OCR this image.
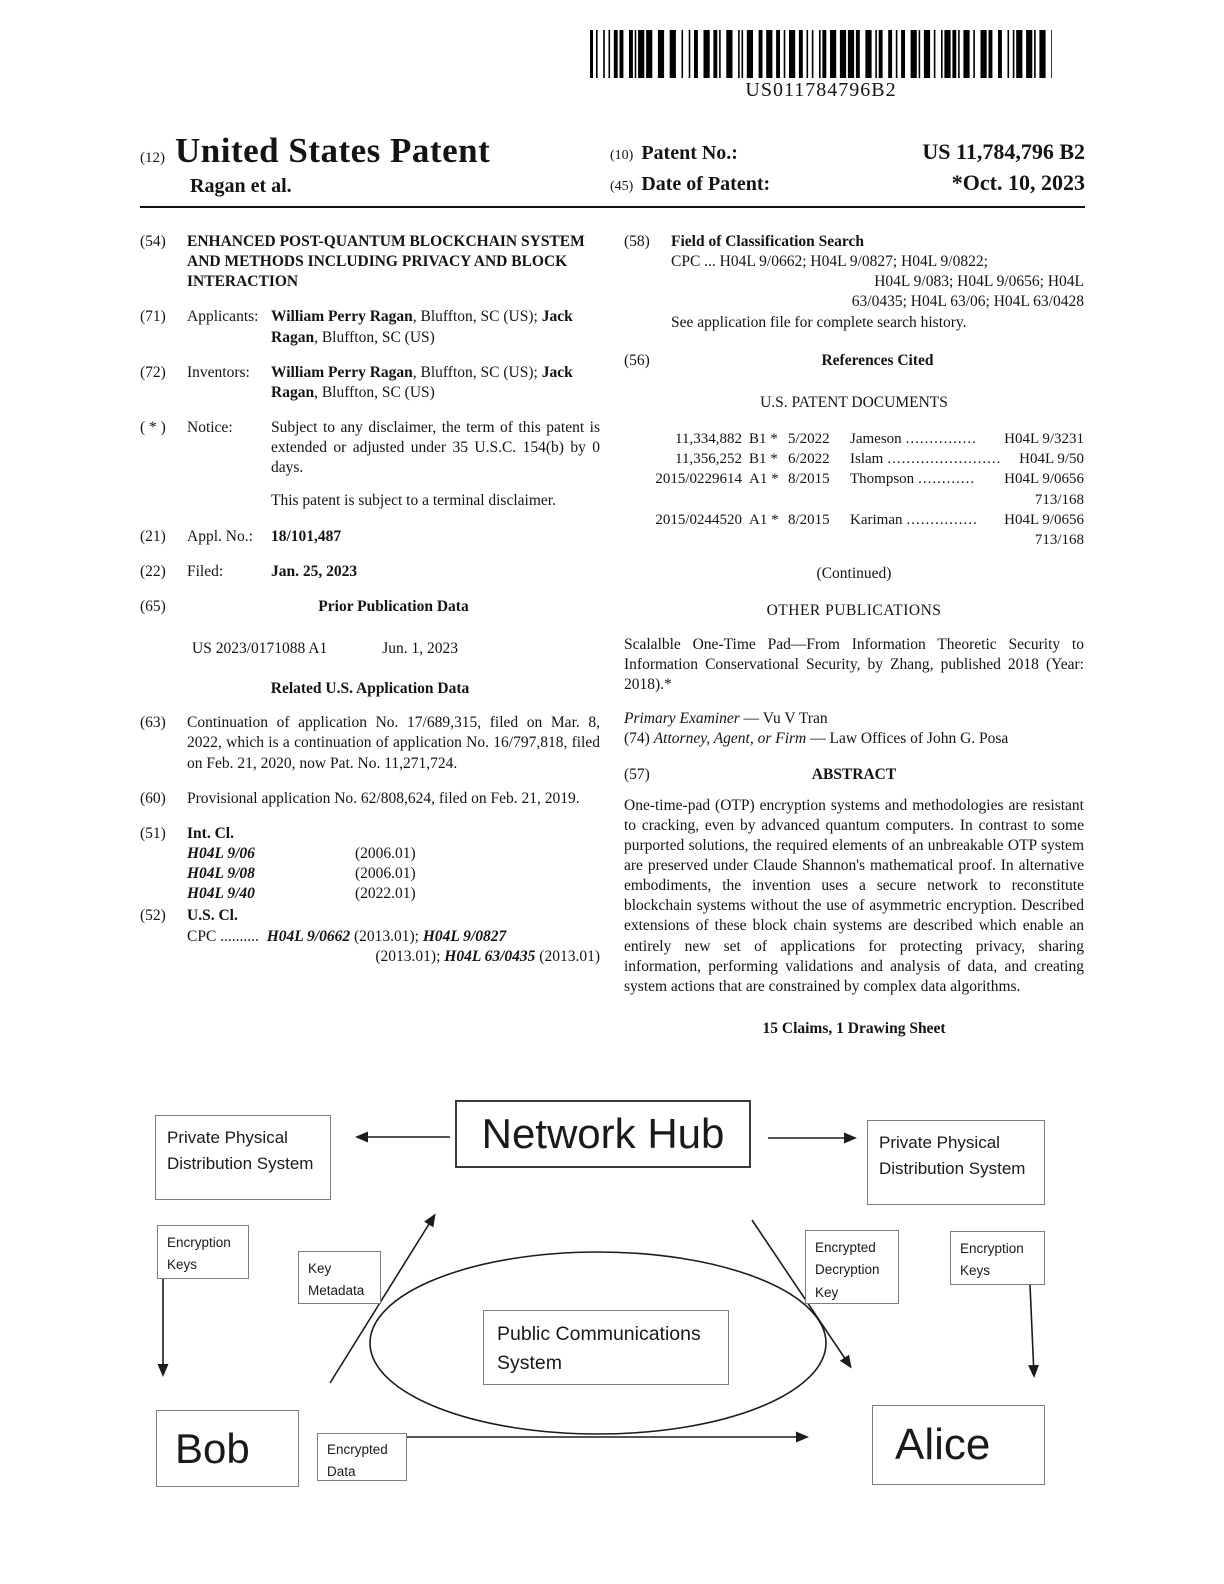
US011784796B2
(12) United States Patent
Ragan et al.
(10) Patent No.:	US 11,784,796 B2
(45) Date of Patent:	*Oct. 10, 2023
(54)	ENHANCED POST-QUANTUM BLOCKCHAIN SYSTEM AND METHODS INCLUDING PRIVACY AND BLOCK INTERACTION
(71)	Applicants: William Perry Ragan, Bluffton, SC (US); Jack Ragan, Bluffton, SC (US)
(72)	Inventors:	William Perry Ragan, Bluffton, SC (US); Jack Ragan, Bluffton, SC (US)
( * )	Notice:	Subject to any disclaimer, the term of this patent is extended or adjusted under 35 U.S.C. 154(b) by 0 days.
This patent is subject to a terminal disclaimer.
(21)	Appl. No.:	18/101,487
(22)	Filed:	Jan. 25, 2023
(65)	Prior Publication Data
US 2023/0171088 A1	Jun. 1, 2023
Related U.S. Application Data
(63)	Continuation of application No. 17/689,315, filed on Mar. 8, 2022, which is a continuation of application No. 16/797,818, filed on Feb. 21, 2020, now Pat. No. 11,271,724.
(60)	Provisional application No. 62/808,624, filed on Feb. 21, 2019.
(51)	Int. Cl.
H04L 9/06	(2006.01)
H04L 9/08	(2006.01)
H04L 9/40	(2022.01)
(52)	U.S. Cl.
CPC .......... H04L 9/0662 (2013.01); H04L 9/0827
(2013.01); H04L 63/0435 (2013.01)
(58)	Field of Classification Search
CPC ... H04L 9/0662; H04L 9/0827; H04L 9/0822;
H04L 9/083; H04L 9/0656; H04L
63/0435; H04L 63/06; H04L 63/0428
See application file for complete search history.
(56)	References Cited
U.S. PATENT DOCUMENTS
11,334,882 B1 * 5/2022	Jameson ...............	H04L 9/3231
11,356,252 B1 * 6/2022	Islam ........................	H04L 9/50
2015/0229614 A1 * 8/2015	Thompson ............	H04L 9/0656
713/168
2015/0244520 A1 * 8/2015	Kariman ...............	H04L 9/0656
713/168
(Continued)
OTHER PUBLICATIONS
Scalalble One-Time Pad—From Information Theoretic Security to Information Conservational Security, by Zhang, published 2018 (Year: 2018).*
Primary Examiner — Vu V Tran
(74) Attorney, Agent, or Firm — Law Offices of John G. Posa
(57)	ABSTRACT
One-time-pad (OTP) encryption systems and methodologies are resistant to cracking, even by advanced quantum computers. In contrast to some purported solutions, the required elements of an unbreakable OTP system are preserved under Claude Shannon's mathematical proof. In alternative embodiments, the invention uses a secure network to reconstitute blockchain systems without the use of asymmetric encryption. Described extensions of these block chain systems are described which enable an entirely new set of applications for protecting privacy, sharing information, performing validations and analysis of data, and creating system actions that are constrained by complex data algorithms.
15 Claims, 1 Drawing Sheet
Network Hub
Private Physical Distribution System
Private Physical Distribution System
Encryption Keys	Key Metadata
Encrypted Decryption Key
Encryption Keys
Public Communications System
Encrypted Data
Bob	Alice
